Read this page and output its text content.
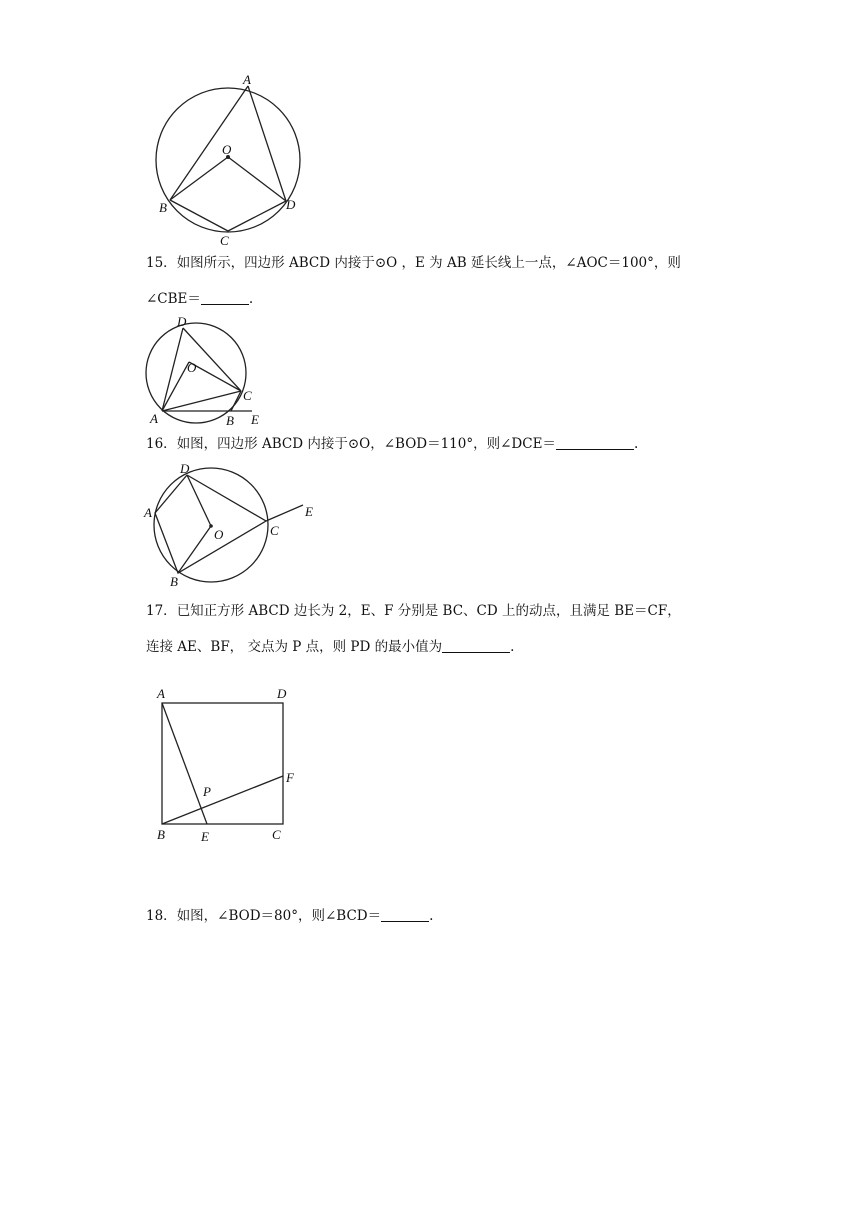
A
O
B	D
C
15．如图所示，四边形 ABCD 内接于⊙O ，E 为 AB 延长线上一点，∠AOC＝100°，则
∠CBE＝	.
D
O
C
A	B E
16．如图，四边形 ABCD 内接于⊙O，∠BOD＝110°，则∠DCE＝	.
D
A
O	C
E
B
17．已知正方形 ABCD 边长为 2，E、F 分别是 BC、CD 上的动点，且满足 BE＝CF，
连接 AE、BF， 交点为 P 点，则 PD 的最小值为	.
A	D
F
P
B	E	C
18．如图，∠BOD＝80°，则∠BCD＝	.
